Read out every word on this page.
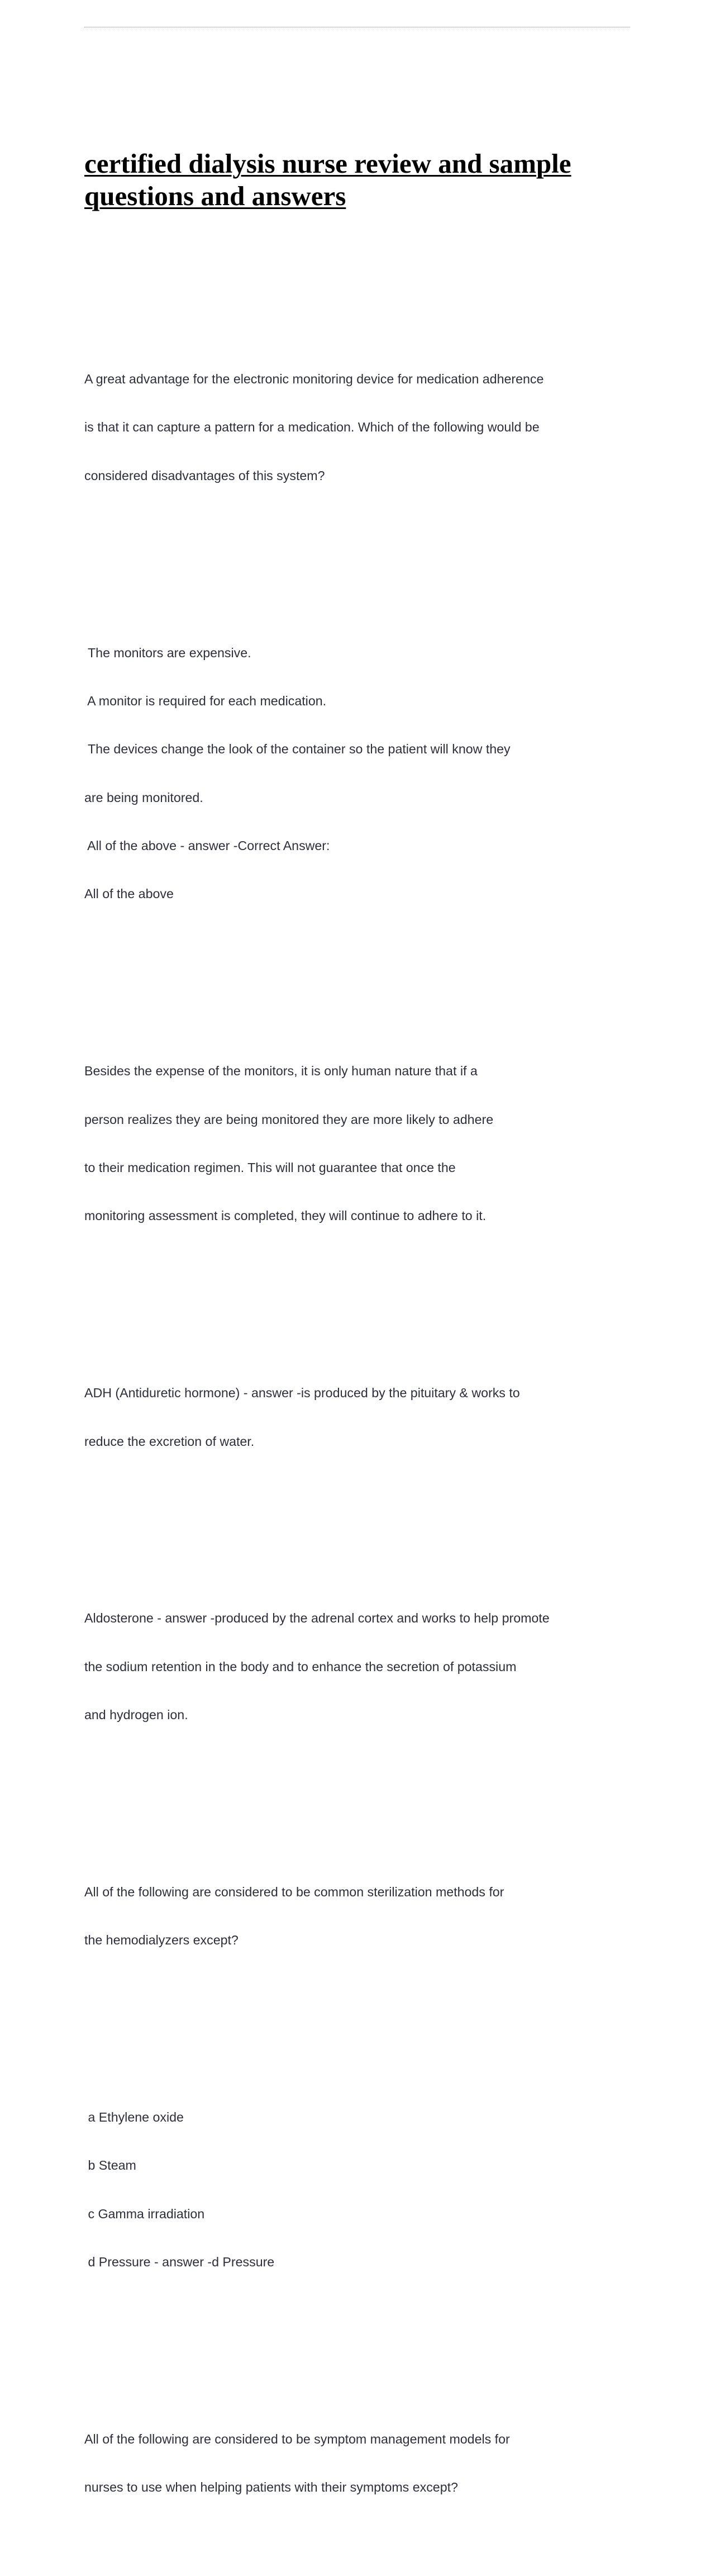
certified dialysis nurse review and sample questions and answers

A great advantage for the electronic monitoring device for medication adherence

is that it can capture a pattern for a medication. Which of the following would be

considered disadvantages of this system?

The monitors are expensive.

A monitor is required for each medication.

The devices change the look of the container so the patient will know they

are being monitored.

All of the above - answer -Correct Answer:

All of the above

Besides the expense of the monitors, it is only human nature that if a

person realizes they are being monitored they are more likely to adhere

to their medication regimen. This will not guarantee that once the

monitoring assessment is completed, they will continue to adhere to it.

ADH (Antiduretic hormone) - answer -is produced by the pituitary & works to

reduce the excretion of water.

Aldosterone - answer -produced by the adrenal cortex and works to help promote

the sodium retention in the body and to enhance the secretion of potassium

and hydrogen ion.

All of the following are considered to be common sterilization methods for

the hemodialyzers except?

a Ethylene oxide

b Steam

c Gamma irradiation

d Pressure - answer -d Pressure

All of the following are considered to be symptom management models for

nurses to use when helping patients with their symptoms except?
